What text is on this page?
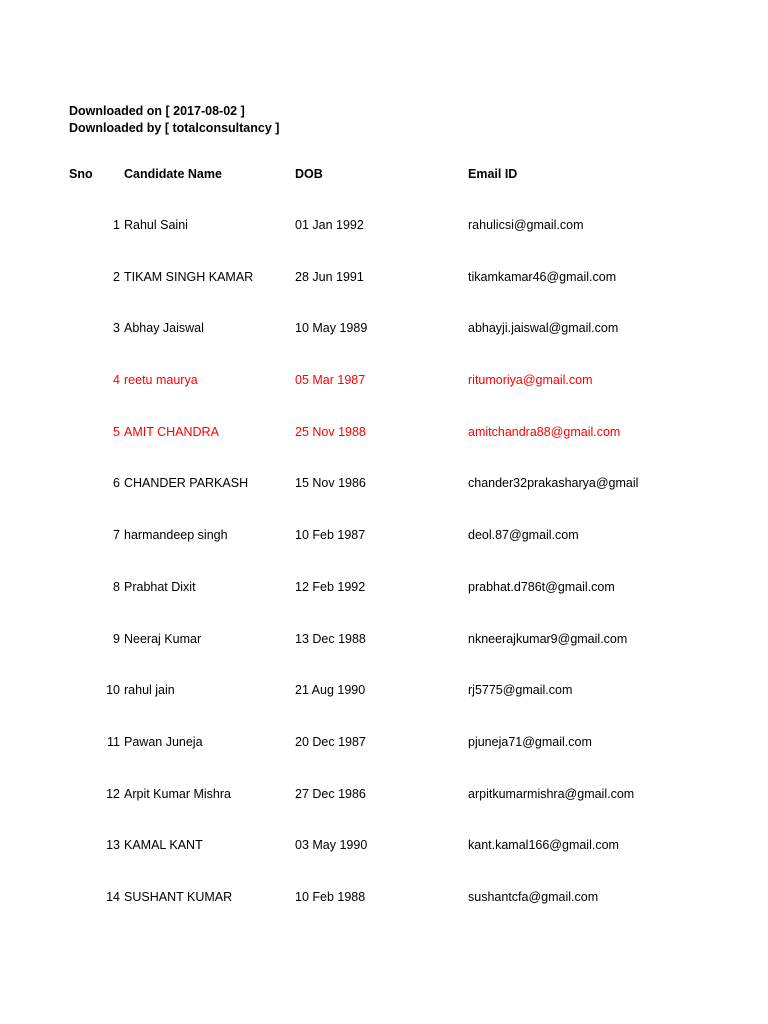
Downloaded on [ 2017-08-02 ]
Downloaded by [ totalconsultancy ]
Sno	Candidate Name	DOB	Email ID
1 Rahul Saini	01 Jan 1992	rahulicsi@gmail.com
2 TIKAM SINGH KAMAR	28 Jun 1991	tikamkamar46@gmail.com
3 Abhay Jaiswal	10 May 1989	abhayji.jaiswal@gmail.com
4 reetu maurya	05 Mar 1987	ritumoriya@gmail.com
5 AMIT CHANDRA	25 Nov 1988	amitchandra88@gmail.com
6 CHANDER PARKASH	15 Nov 1986	chander32prakasharya@gmail
7 harmandeep singh	10 Feb 1987	deol.87@gmail.com
8 Prabhat Dixit	12 Feb 1992	prabhat.d786t@gmail.com
9 Neeraj Kumar	13 Dec 1988	nkneerajkumar9@gmail.com
10 rahul jain	21 Aug 1990	rj5775@gmail.com
11 Pawan Juneja	20 Dec 1987	pjuneja71@gmail.com
12 Arpit Kumar Mishra	27 Dec 1986	arpitkumarmishra@gmail.com
13 KAMAL KANT	03 May 1990	kant.kamal166@gmail.com
14 SUSHANT KUMAR	10 Feb 1988	sushantcfa@gmail.com
